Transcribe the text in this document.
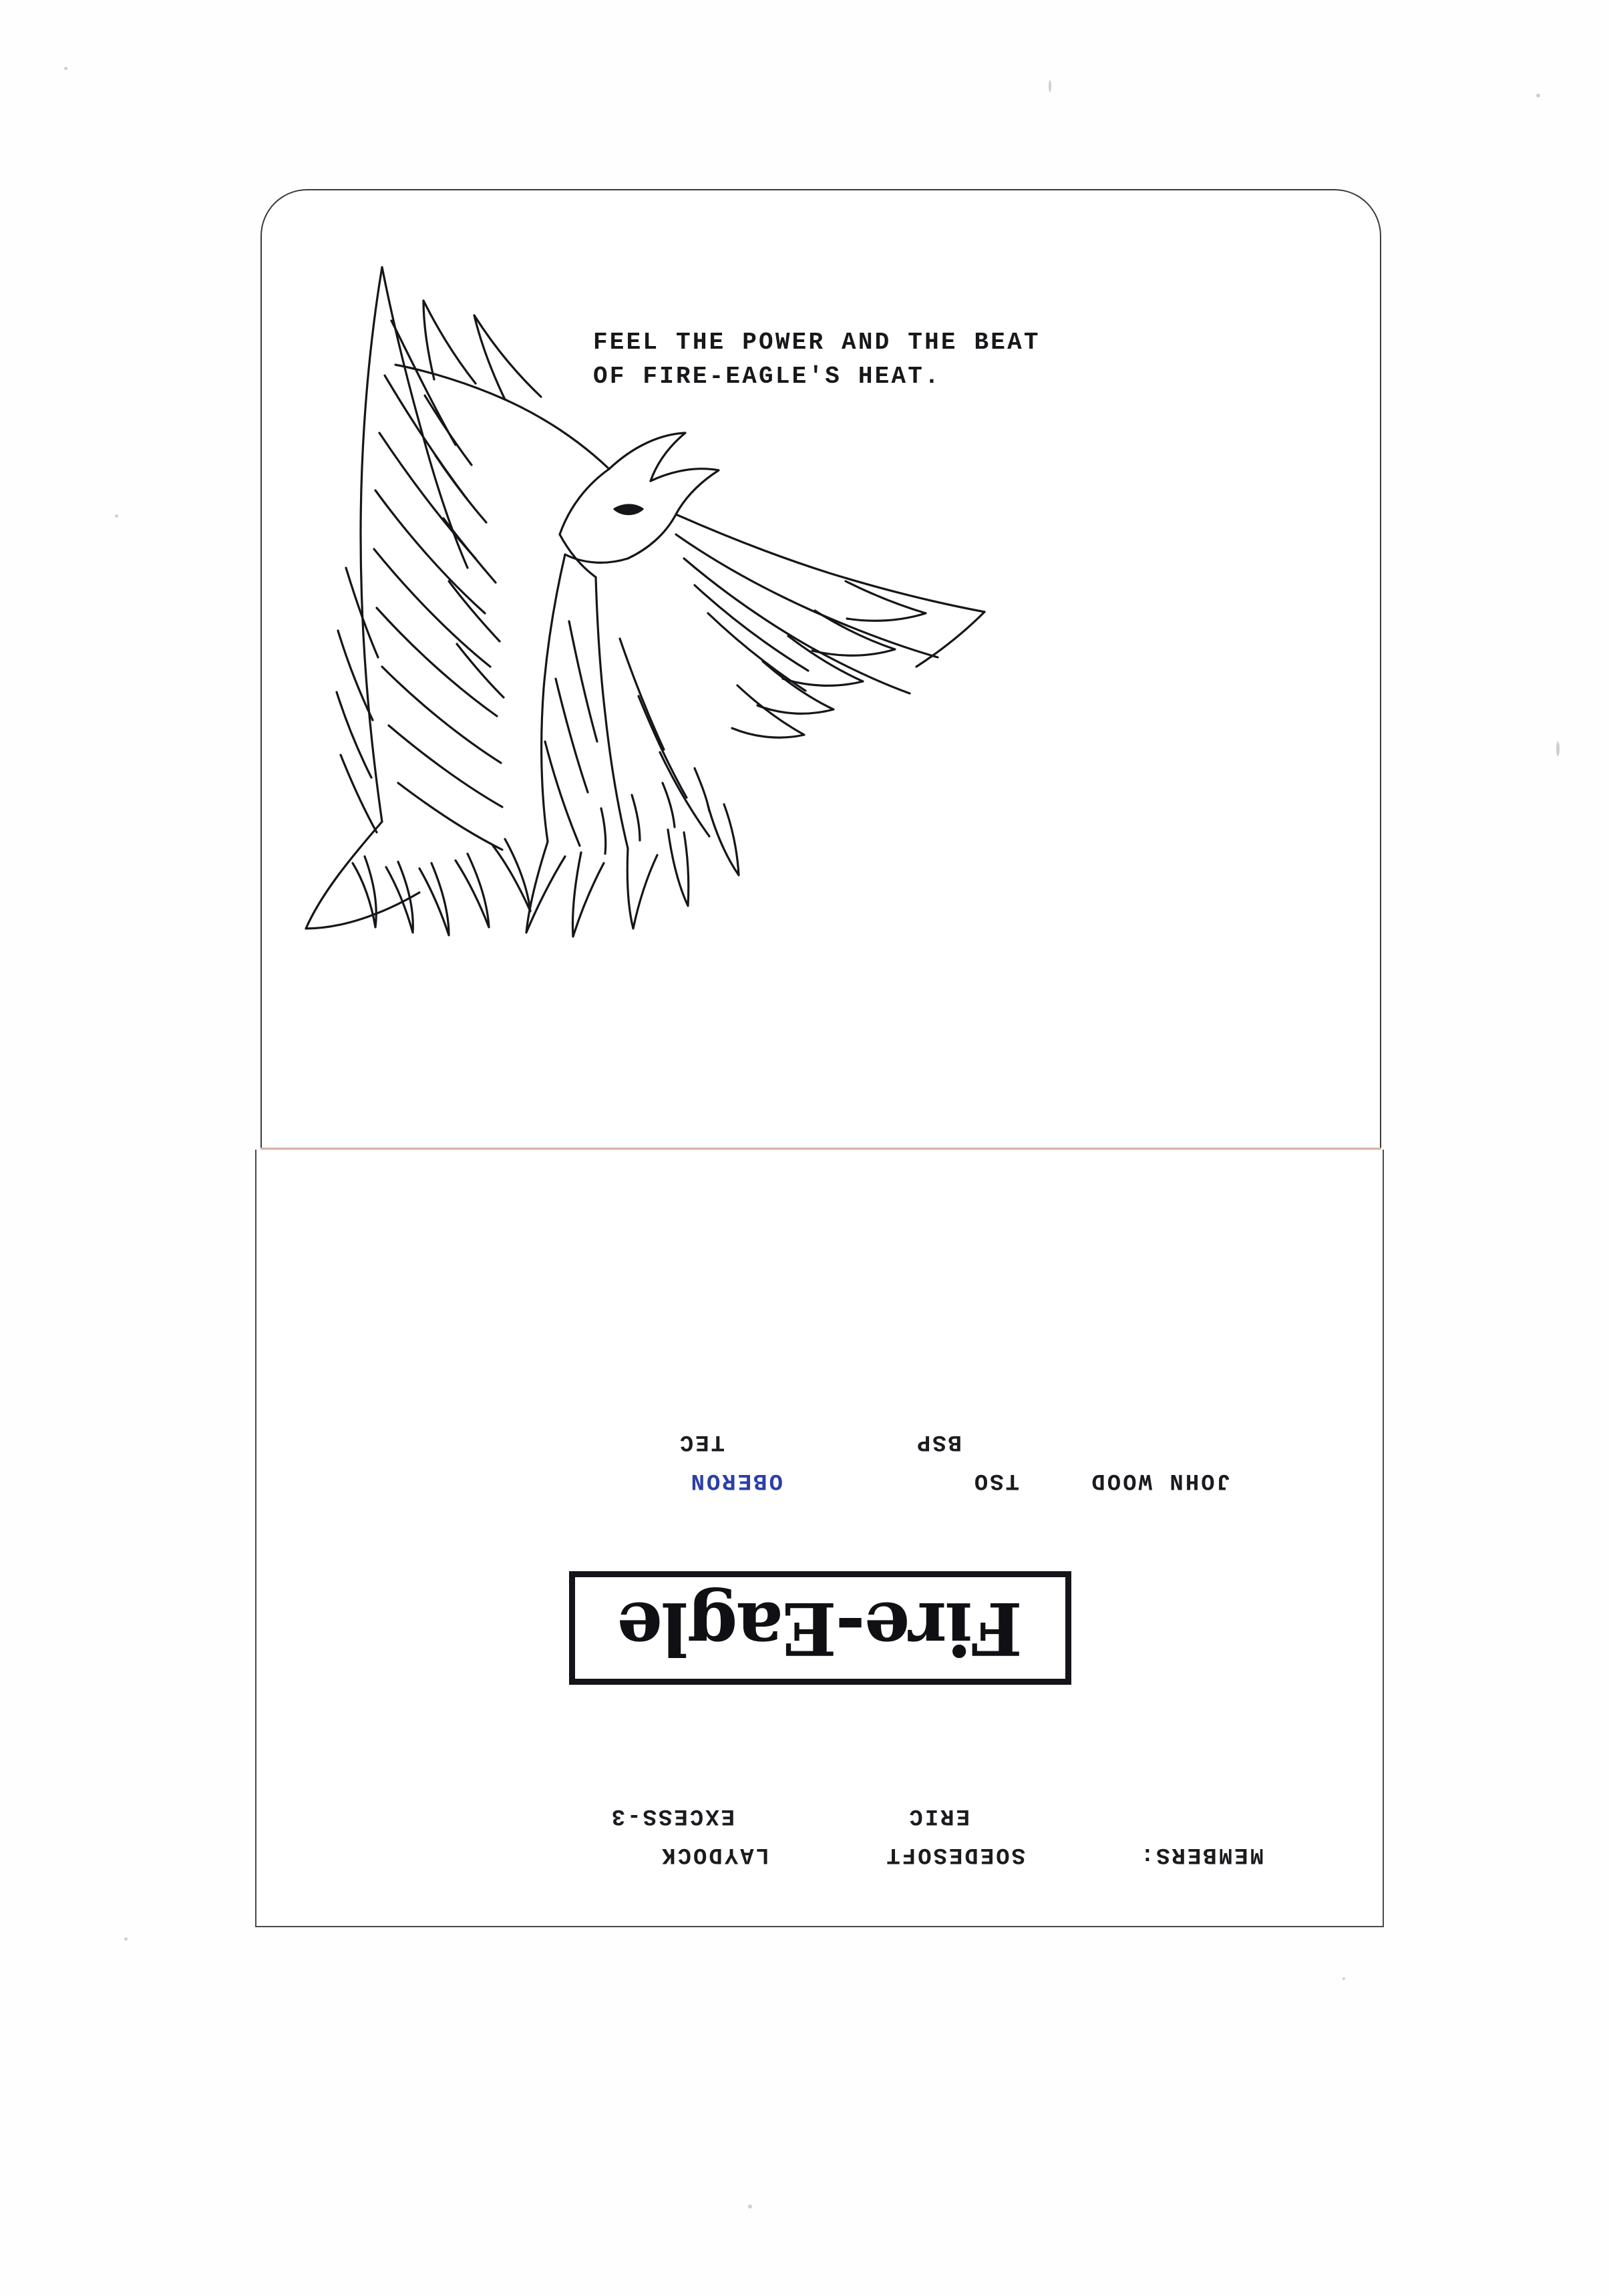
FEEL THE POWER AND THE BEAT
OF FIRE-EAGLE'S HEAT.

MEMBERS:

SOEDESOFT

LAYDOCK

ERIC

EXCESS-3

Fire-Eagle

JOHN WOOD

TSO

OBERON

BSP

TEC
